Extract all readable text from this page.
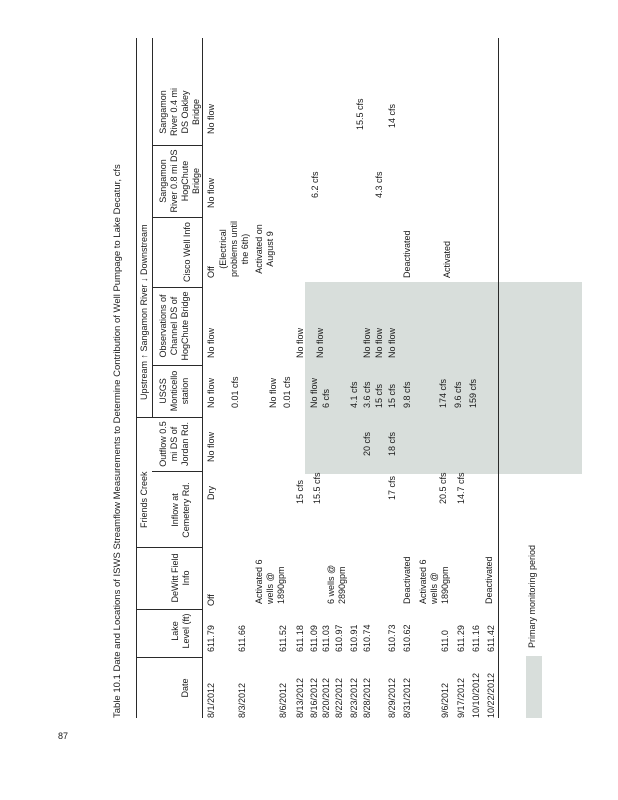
87
Table 10.1 Date and Locations of ISWS Streamflow Measurements to Determine Contribution of Well Pumpage to Lake Decatur, cfs	Friends Creek
Upstream ↑ Sangamon River ↓ Downstream
Date
Lake Level (ft)
DeWitt Field Info
Inflow at Cemetery Rd.
Outflow 0.5 mi DS of Jordan Rd.
USGS Monticello station
Observations of Channel DS of HogChute Bridge
Cisco Well Info
Sangamon River 0.8 mi DS HogChute Bridge
Sangamon River 0.4 mi DS Oakley Bridge
8/1/2012
611.79
Off
Dry
No flow
No flow
No flow
Off
No flow
No flow
0.01 cfs
(Electrical problems until the 6th)
8/3/2012
611.66
8/6/2012
611.52
Activated 6 wells @ 1890gpm
No flow
Activated on August 9
0.01 cfs
8/13/2012
611.18
15 cfs
No flow
8/16/2012
611.09
No flow
8/20/2012
611.03
15.5 cfs
6 cfs
No flow
6.2 cfs
8/22/2012
610.97
6 wells @ 2890gpm
8/23/2012
610.91
4.1 cfs
8/28/2012
610.74
20 cfs
3.6 cfs
No flow
15.5 cfs
15 cfs
No flow
4.3 cfs
8/29/2012
610.73
17 cfs
18 cfs
15 cfs
No flow
14 cfs
8/31/2012
610.62
Deactivated
9.8 cfs
Deactivated
9/6/2012
611.0
Activated 6 wells @ 1890gpm
9/17/2012
611.29
20.5 cfs
174 cfs
Activated
10/10/2012
611.16
14.7 cfs
9.6 cfs
10/22/2012
611.42
Deactivated
159 cfs
Primary monitoring period
